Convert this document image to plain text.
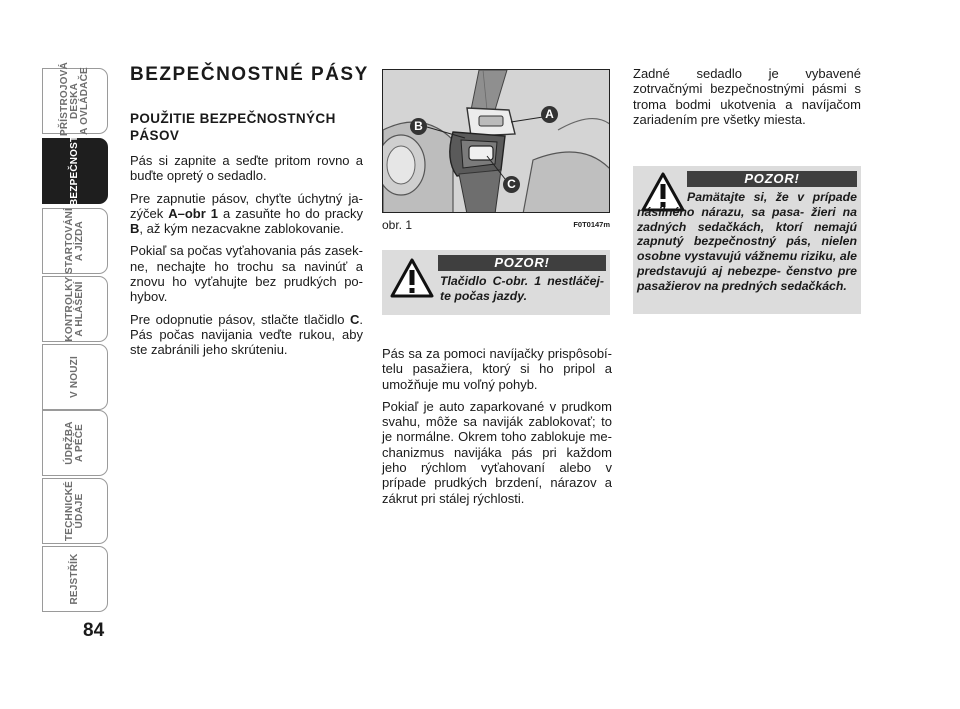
PŘÍSTROJOVÁ
DESKA
A OVLÁDAČE
BEZPEČNOST
STARTOVÁNÍ
A JÍZDA
KONTROLKY
A HLÁŠENÍ
V NOUZI
ÚDRŽBA
A PÉČE
TECHNICKÉ
ÚDAJE
REJSTŘÍK
84
BEZPEČNOSTNÉ PÁSY
POUŽITIE BEZPEČNOSTNÝCH PÁSOV

Pás si zapnite a seďte pritom rovno a buďte opretý o sedadlo.

Pre zapnutie pásov, chyťte úchytný ja- zýček A–obr 1 a zasuňte ho do pracky B, až kým nezacvakne zablokovanie.

Pokiaľ sa počas vyťahovania pás zasek- ne, nechajte ho trochu sa navinúť a znovu ho vyťahujte bez prudkých po- hybov.

Pre odopnutie pásov, stlačte tlačidlo C. Pás počas navijania veďte rukou, aby ste zabránili jeho skrúteniu.

A
B
C
obr. 1	F0T0147m
POZOR!
Tlačidlo C-obr. 1 nestláčej- te počas jazdy.

Pás sa za pomoci navíjačky prispôsobí- telu pasažiera, ktorý si ho pripol a umožňuje mu voľný pohyb.

Pokiaľ je auto zaparkované v prudkom svahu, môže sa naviják zablokovať; to je normálne. Okrem toho zablokuje me- chanizmus navijáka pás pri každom jeho rýchlom vyťahovaní alebo v prípade prudkých brzdení, nárazov a zákrut pri stálej rýchlosti.

Zadné sedadlo je vybavené zotrvačnými bezpečnostnými pásmi s troma bodmi ukotvenia a navíjačom zariadením pre všetky miesta.

POZOR!
Pamätajte si, že v prípade násilného nárazu, sa pasa- žieri na zadných sedačkách, ktorí nemajú zapnutý bezpečnostný pás, nielen osobne vystavujú vážnemu riziku, ale predstavujú aj nebezpe- čenstvo pre pasažierov na predných sedačkách.
